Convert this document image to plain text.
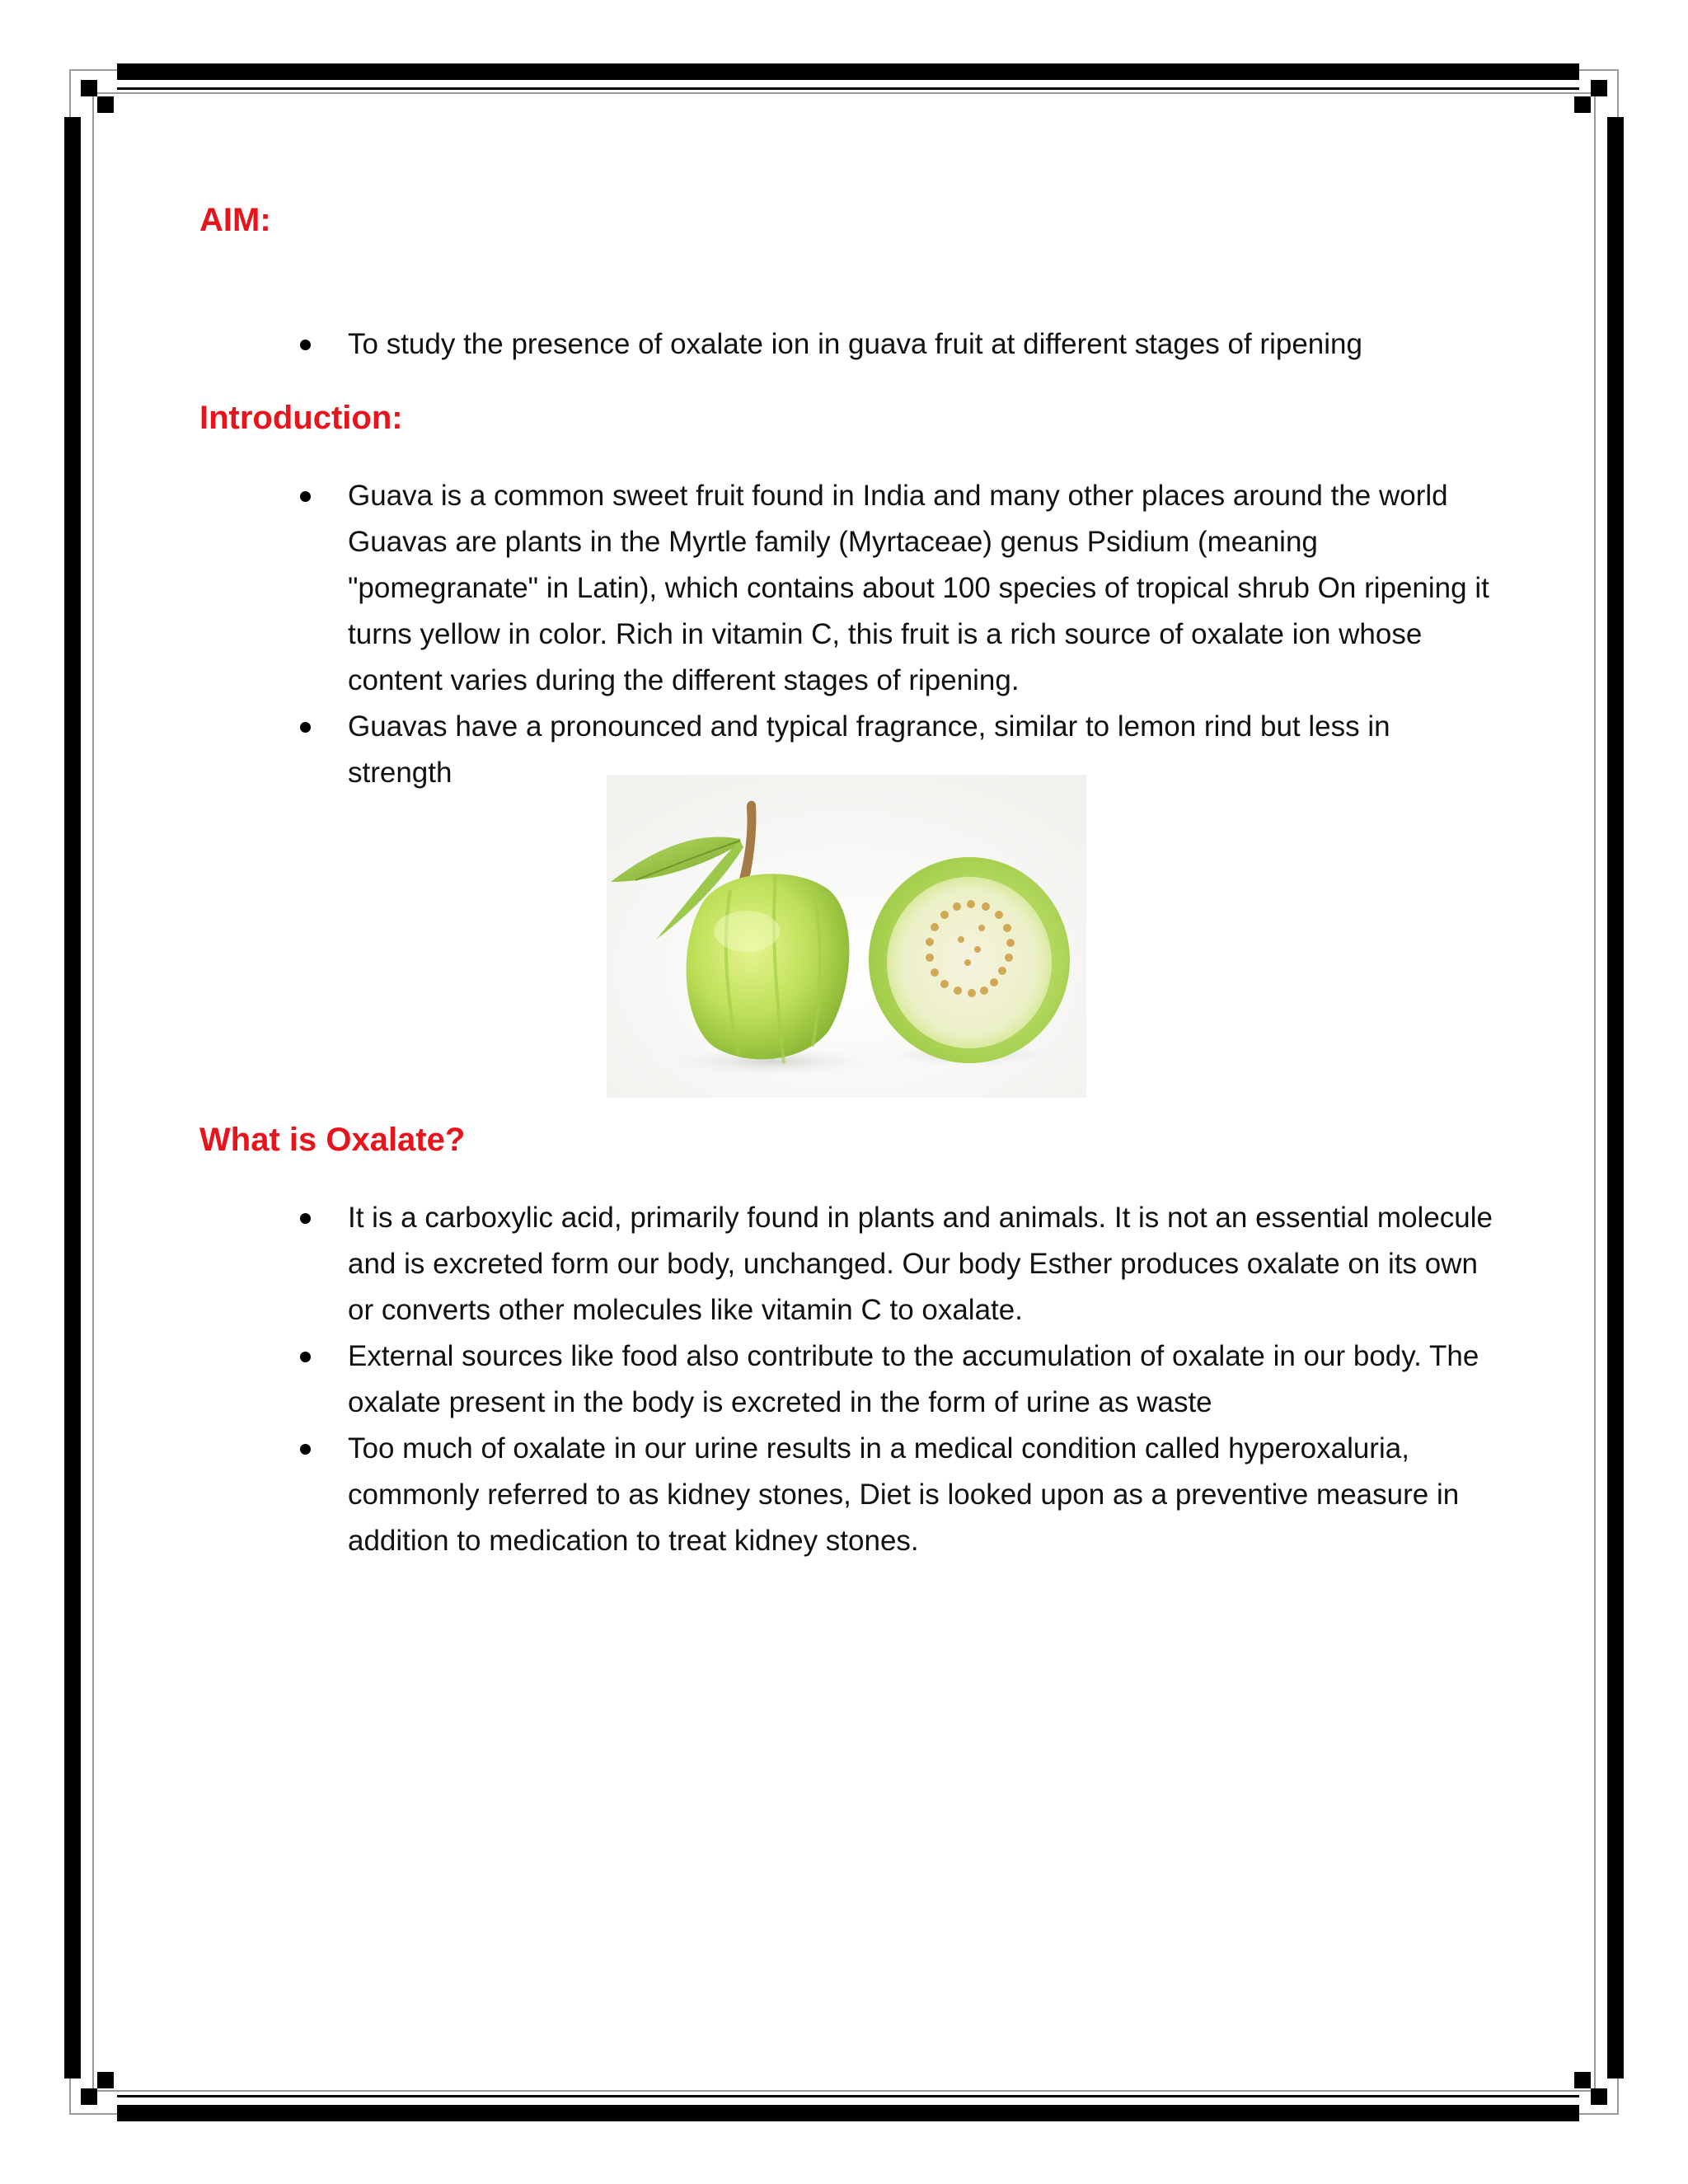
AIM:
To study the presence of oxalate ion in guava fruit at different stages of ripening
Introduction:
Guava is a common sweet fruit found in India and many other places around the world Guavas are plants in the Myrtle family (Myrtaceae) genus Psidium (meaning "pomegranate" in Latin), which contains about 100 species of tropical shrub On ripening it turns yellow in color. Rich in vitamin C, this fruit is a rich source of oxalate ion whose content varies during the different stages of ripening.
Guavas have a pronounced and typical fragrance, similar to lemon rind but less in strength
What is Oxalate?
It is a carboxylic acid, primarily found in plants and animals. It is not an essential molecule and is excreted form our body, unchanged. Our body Esther produces oxalate on its own or converts other molecules like vitamin C to oxalate.
External sources like food also contribute to the accumulation of oxalate in our body. The oxalate present in the body is excreted in the form of urine as waste
Too much of oxalate in our urine results in a medical condition called hyperoxaluria, commonly referred to as kidney stones, Diet is looked upon as a preventive measure in addition to medication to treat kidney stones.
